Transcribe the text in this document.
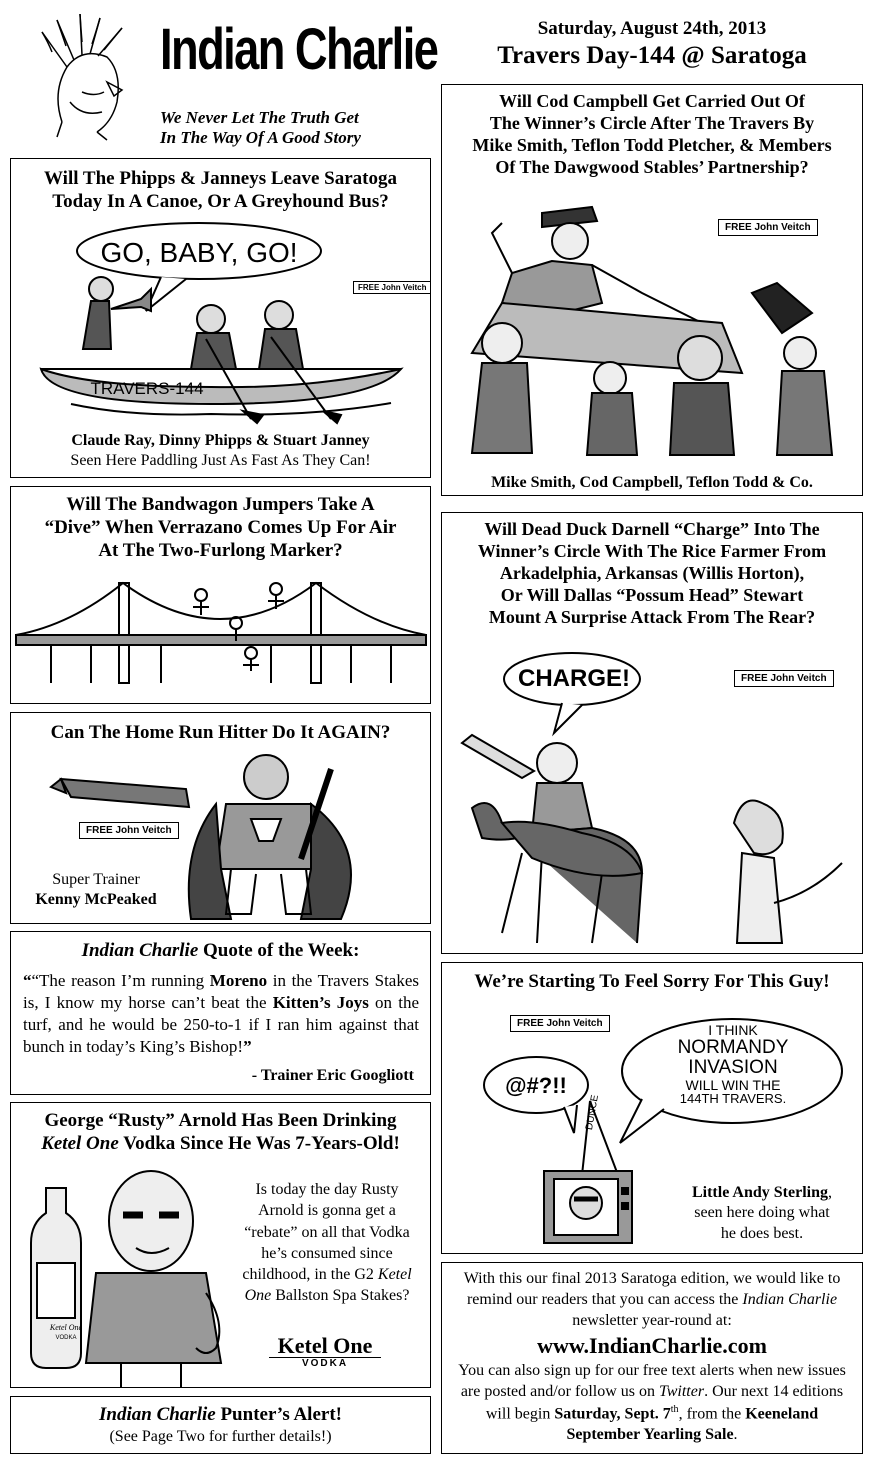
Indian Charlie
We Never Let The Truth Get
In The Way Of A Good Story
Saturday, August 24th, 2013
Travers Day-144 @ Saratoga
Will The Phipps & Janneys Leave Saratoga
Today In A Canoe, Or A Greyhound Bus?
GO, BABY, GO!
TRAVERS-144
FREE John Veitch
Claude Ray, Dinny Phipps & Stuart Janney
Seen Here Paddling Just As Fast As They Can!
Will The Bandwagon Jumpers Take A
“Dive” When Verrazano Comes Up For Air
At The Two-Furlong Marker?
Can The Home Run Hitter Do It AGAIN?
FREE John Veitch
Super Trainer
Kenny McPeaked
Indian Charlie Quote of the Week:
““The reason I’m running Moreno in the Travers Stakes is, I know my horse can’t beat the Kitten’s Joys on the turf, and he would be 250-to-1 if I ran him against that bunch in today’s King’s Bishop!”
- Trainer Eric Googliott
George “Rusty” Arnold Has Been Drinking
Ketel One Vodka Since He Was 7-Years-Old!
Ketel One
VODKA
Is today the day Rusty Arnold is gonna get a “rebate” on all that Vodka he’s consumed since childhood, in the G2 Ketel One Ballston Spa Stakes?
Ketel One
VODKA
Indian Charlie Punter’s Alert!
(See Page Two for further details!)
Will Cod Campbell Get Carried Out Of
The Winner’s Circle After The Travers By
Mike Smith, Teflon Todd Pletcher, & Members
Of The Dawgwood Stables’ Partnership?
FREE John Veitch
Mike Smith, Cod Campbell, Teflon Todd & Co.
Will Dead Duck Darnell “Charge” Into The
Winner’s Circle With The Rice Farmer From
Arkadelphia, Arkansas (Willis Horton),
Or Will Dallas “Possum Head” Stewart
Mount A Surprise Attack From The Rear?
CHARGE!	FREE John Veitch
We’re Starting To Feel Sorry For This Guy!
FREE John Veitch
@#?!!
I THINK
NORMANDY
INVASION
WILL WIN THE
144TH TRAVERS.
DUNCE
Little Andy Sterling,
seen here doing what
he does best.
With this our final 2013 Saratoga edition, we would like to remind our readers that you can access the Indian Charlie newsletter year-round at:
www.IndianCharlie.com
You can also sign up for our free text alerts when new issues are posted and/or follow us on Twitter. Our next 14 editions will begin Saturday, Sept. 7th, from the Keeneland September Yearling Sale.
